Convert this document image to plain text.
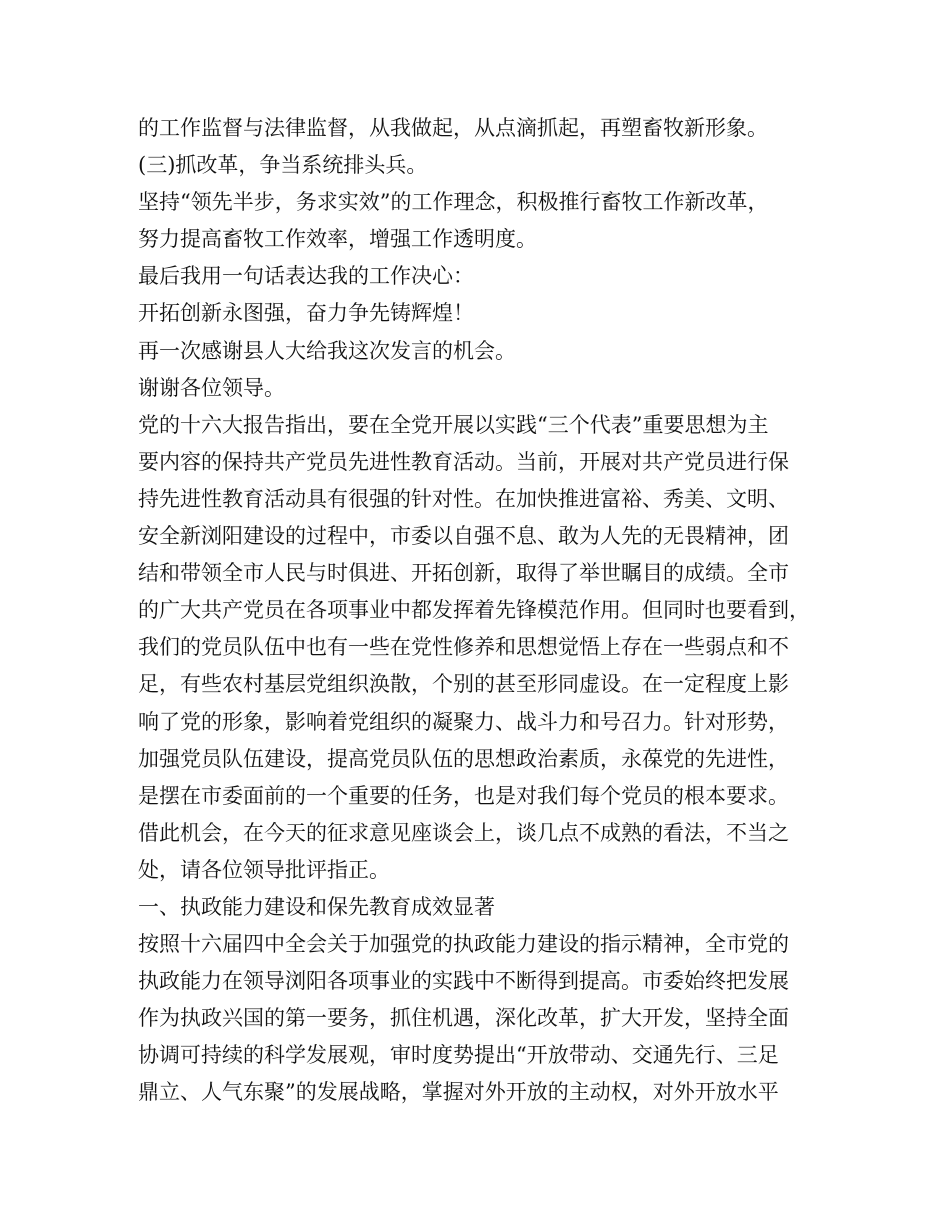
的工作监督与法律监督，从我做起，从点滴抓起，再塑畜牧新形象。
(三)抓改革，争当系统排头兵。
坚持“领先半步，务求实效”的工作理念，积极推行畜牧工作新改革，
努力提高畜牧工作效率，增强工作透明度。
最后我用一句话表达我的工作决心：
开拓创新永图强，奋力争先铸辉煌！
再一次感谢县人大给我这次发言的机会。
谢谢各位领导。
党的十六大报告指出，要在全党开展以实践“三个代表”重要思想为主
要内容的保持共产党员先进性教育活动。当前，开展对共产党员进行保
持先进性教育活动具有很强的针对性。在加快推进富裕、秀美、文明、
安全新浏阳建设的过程中，市委以自强不息、敢为人先的无畏精神，团
结和带领全市人民与时俱进、开拓创新，取得了举世瞩目的成绩。全市
的广大共产党员在各项事业中都发挥着先锋模范作用。但同时也要看到，
我们的党员队伍中也有一些在党性修养和思想觉悟上存在一些弱点和不
足，有些农村基层党组织涣散，个别的甚至形同虚设。在一定程度上影
响了党的形象，影响着党组织的凝聚力、战斗力和号召力。针对形势，
加强党员队伍建设，提高党员队伍的思想政治素质，永葆党的先进性，
是摆在市委面前的一个重要的任务，也是对我们每个党员的根本要求。
借此机会，在今天的征求意见座谈会上，谈几点不成熟的看法，不当之
处，请各位领导批评指正。
一、执政能力建设和保先教育成效显著
按照十六届四中全会关于加强党的执政能力建设的指示精神，全市党的
执政能力在领导浏阳各项事业的实践中不断得到提高。市委始终把发展
作为执政兴国的第一要务，抓住机遇，深化改革，扩大开发，坚持全面
协调可持续的科学发展观，审时度势提出“开放带动、交通先行、三足
鼎立、人气东聚”的发展战略，掌握对外开放的主动权，对外开放水平
